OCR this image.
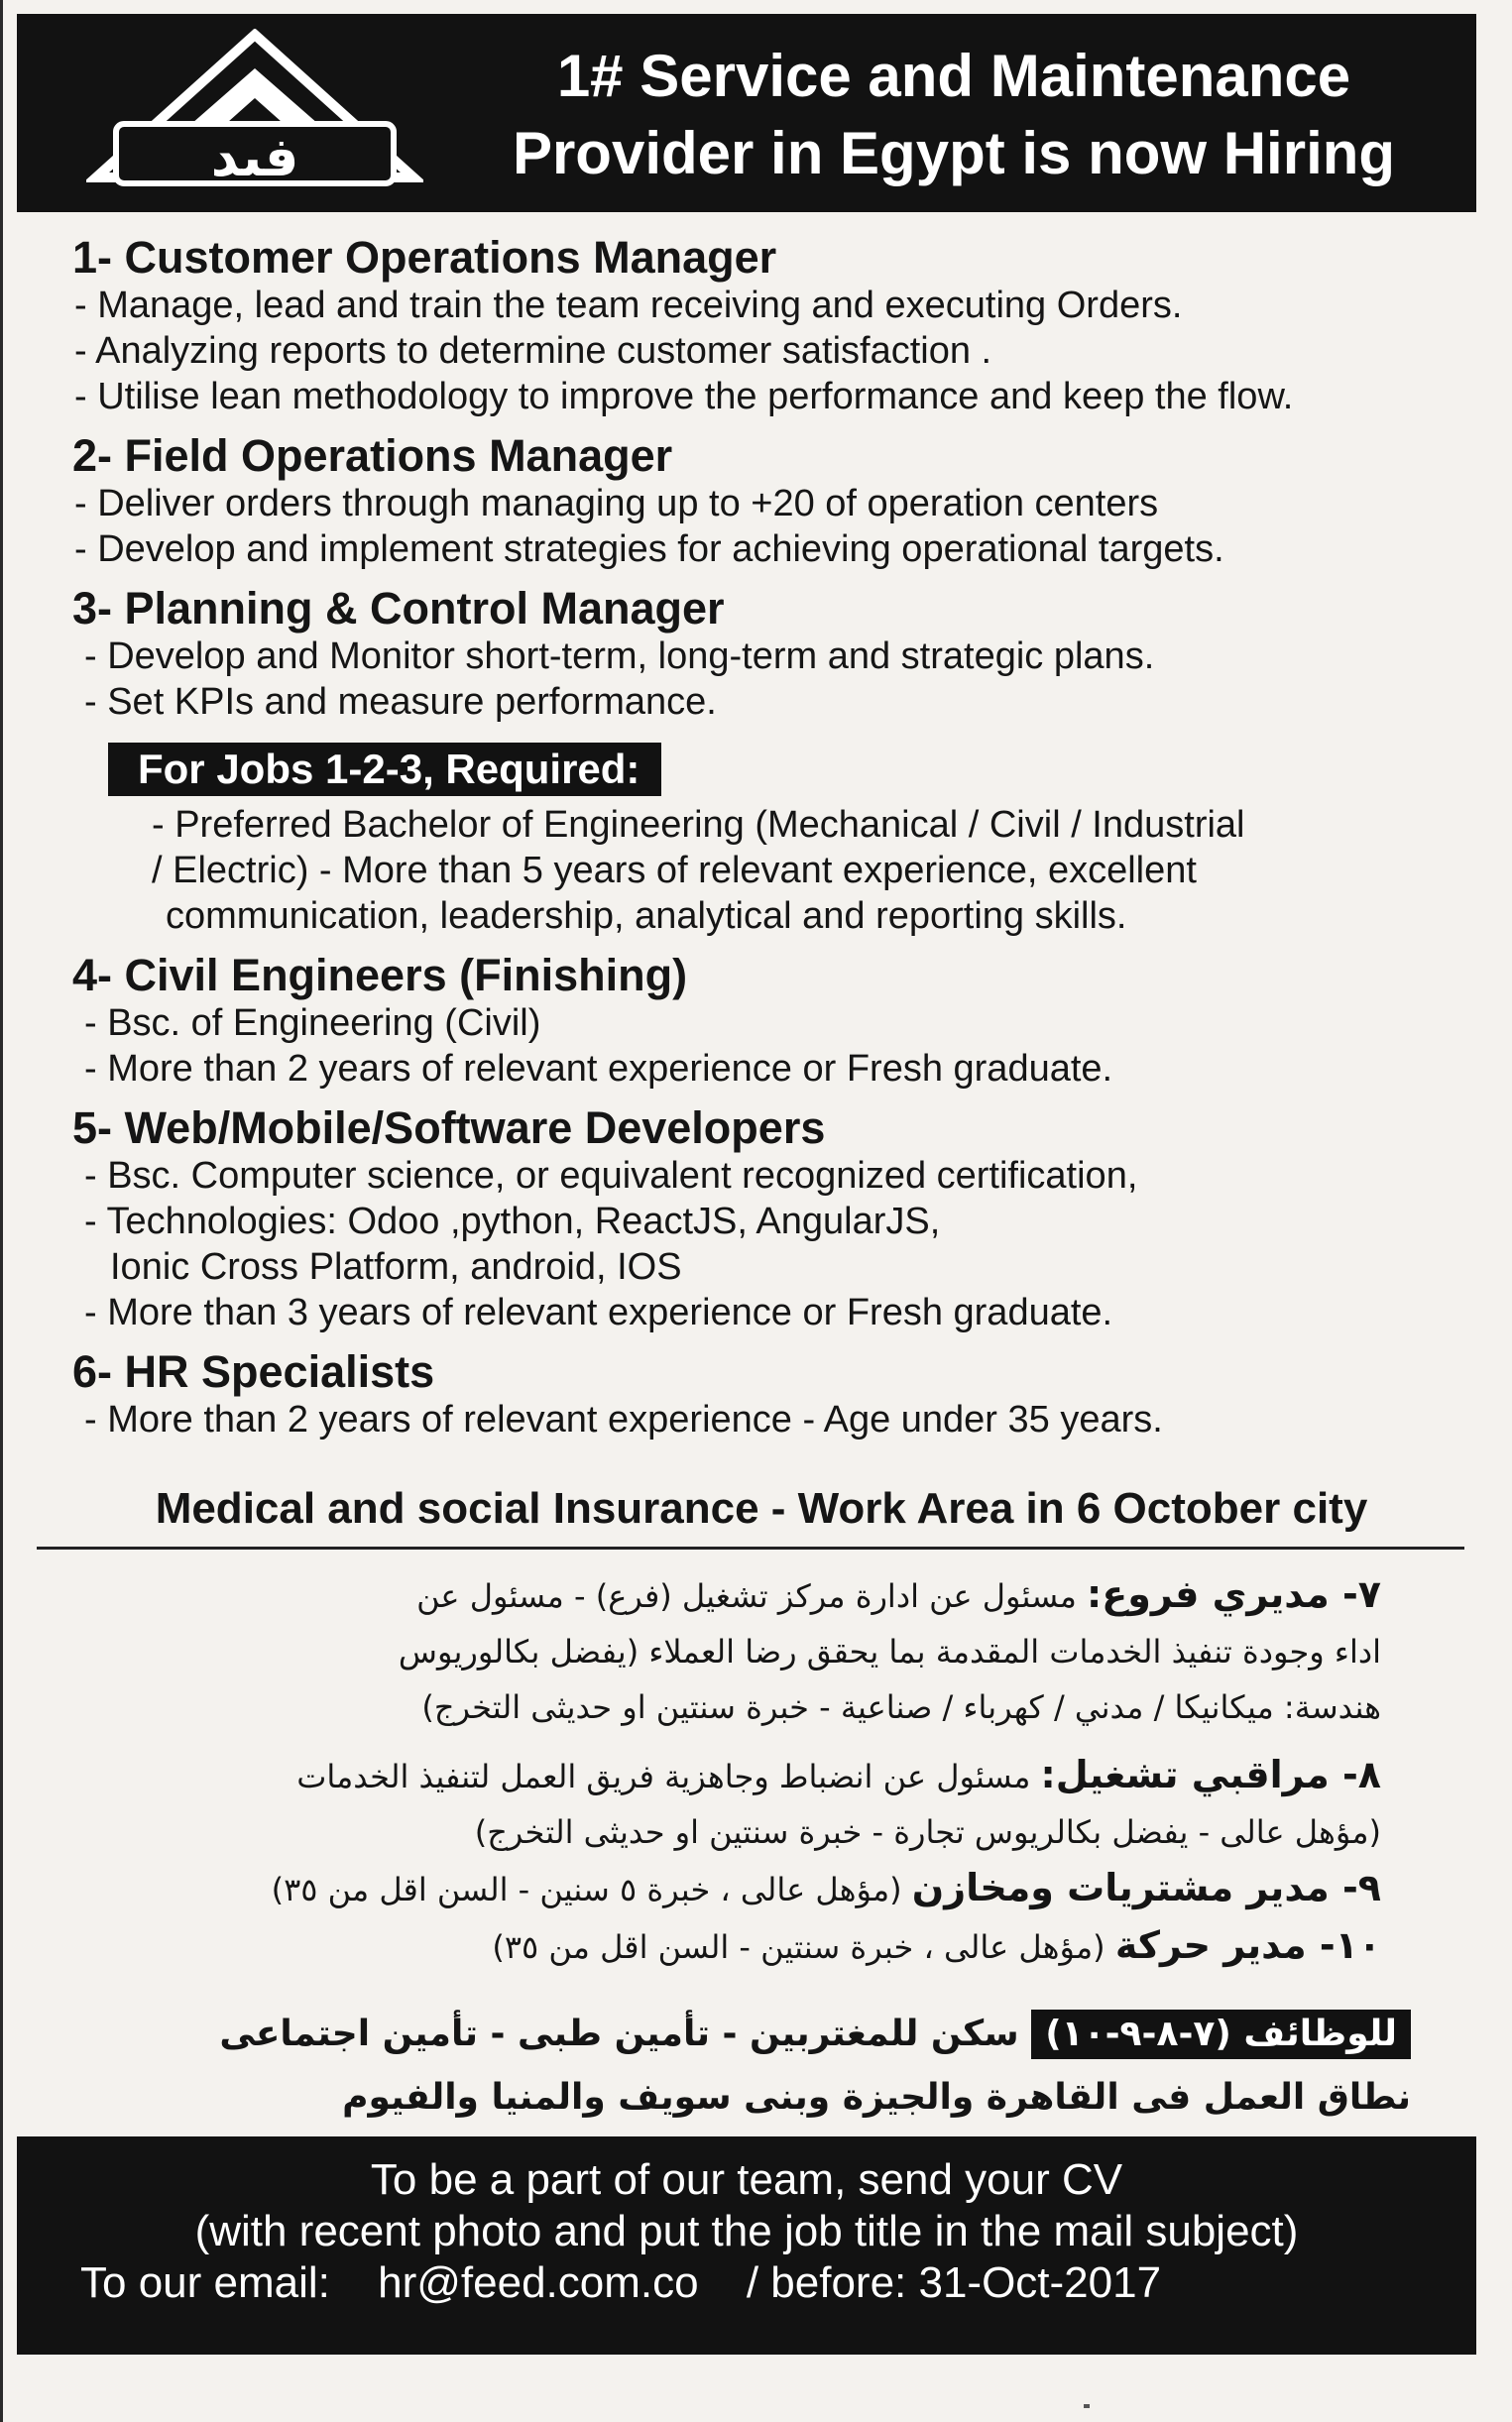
فيد
1# Service and Maintenance
Provider in Egypt is now Hiring
1- Customer Operations Manager
- Manage, lead and train the team receiving and executing Orders.
- Analyzing reports to determine customer satisfaction .
- Utilise lean methodology to improve the performance and keep the flow.
2- Field Operations Manager
- Deliver orders through managing up to +20 of operation centers
- Develop and implement strategies for achieving operational targets.
3- Planning & Control Manager
- Develop and Monitor short-term, long-term and strategic plans.
- Set KPIs and measure performance.
For Jobs 1-2-3, Required:
- Preferred Bachelor of Engineering (Mechanical / Civil / Industrial
/ Electric) - More than 5 years of relevant experience, excellent
communication, leadership, analytical and reporting skills.
4- Civil Engineers (Finishing)
- Bsc. of Engineering (Civil)
- More than 2 years of relevant experience or Fresh graduate.
5- Web/Mobile/Software Developers
- Bsc. Computer science, or equivalent recognized certification,
- Technologies: Odoo ,python, ReactJS, AngularJS,
Ionic Cross Platform, android, IOS
- More than 3 years of relevant experience or Fresh graduate.
6- HR Specialists
- More than 2 years of relevant experience - Age under 35 years.
Medical and social Insurance - Work Area in 6 October city
٧- مديري فروع: مسئول عن ادارة مركز تشغيل (فرع) - مسئول عن
اداء وجودة تنفيذ الخدمات المقدمة بما يحقق رضا العملاء (يفضل بكالوريوس
هندسة: ميكانيكا / مدني / كهرباء / صناعية - خبرة سنتين او حديثى التخرج)
٨- مراقبي تشغيل: مسئول عن انضباط وجاهزية فريق العمل لتنفيذ الخدمات
(مؤهل عالى - يفضل بكالريوس تجارة - خبرة سنتين او حديثى التخرج)
٩- مدير مشتريات ومخازن (مؤهل عالى ، خبرة ٥ سنين - السن اقل من ٣٥)
١٠- مدير حركة (مؤهل عالى ، خبرة سنتين - السن اقل من ٣٥)
للوظائف (٧-٨-٩-١٠) سكن للمغتربين - تأمين طبى - تأمين اجتماعى
نطاق العمل فى القاهرة والجيزة وبنى سويف والمنيا والفيوم
To be a part of our team, send your CV
(with recent photo and put the job title in the mail subject)
To our email: hr@feed.com.co / before: 31-Oct-2017
